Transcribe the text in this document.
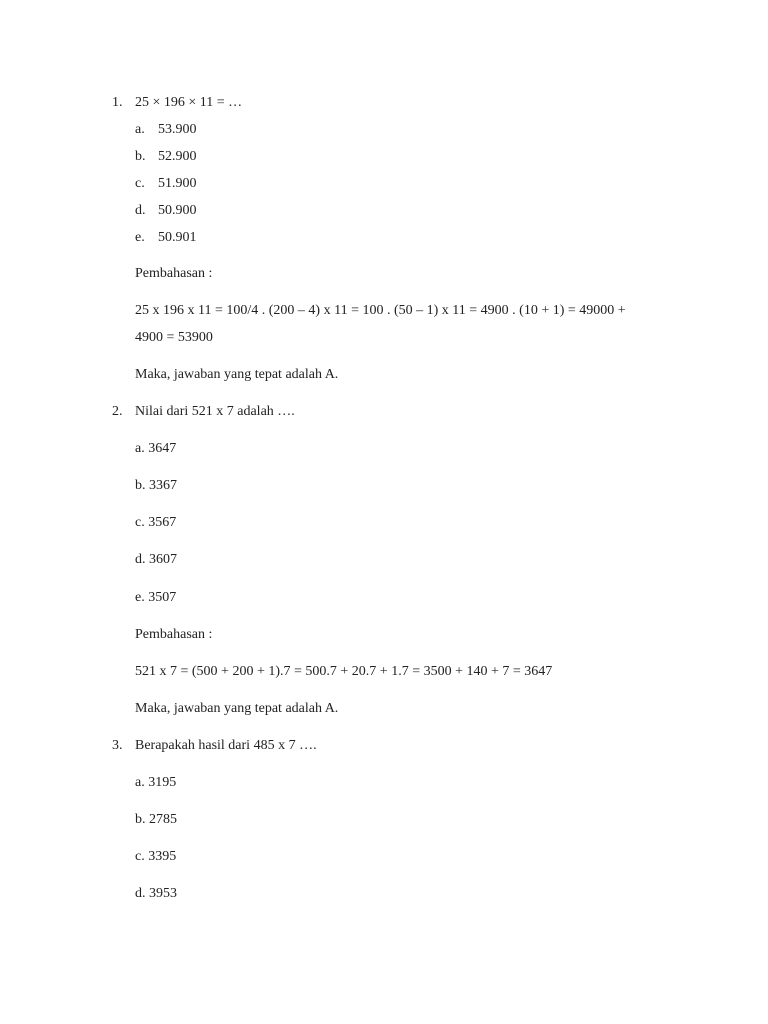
1. 25 × 196 × 11 = …
a. 53.900
b. 52.900
c. 51.900
d. 50.900
e. 50.901
Pembahasan :
25 x 196 x 11 = 100/4 . (200 – 4) x 11 = 100 . (50 – 1) x 11 = 4900 . (10 + 1) = 49000 +
4900 = 53900
Maka, jawaban yang tepat adalah A.
2. Nilai dari 521 x 7 adalah ….
a. 3647
b. 3367
c. 3567
d. 3607
e. 3507
Pembahasan :
521 x 7 = (500 + 200 + 1).7 = 500.7 + 20.7 + 1.7 = 3500 + 140 + 7 = 3647
Maka, jawaban yang tepat adalah A.
3. Berapakah hasil dari 485 x 7 ….
a. 3195
b. 2785
c. 3395
d. 3953
